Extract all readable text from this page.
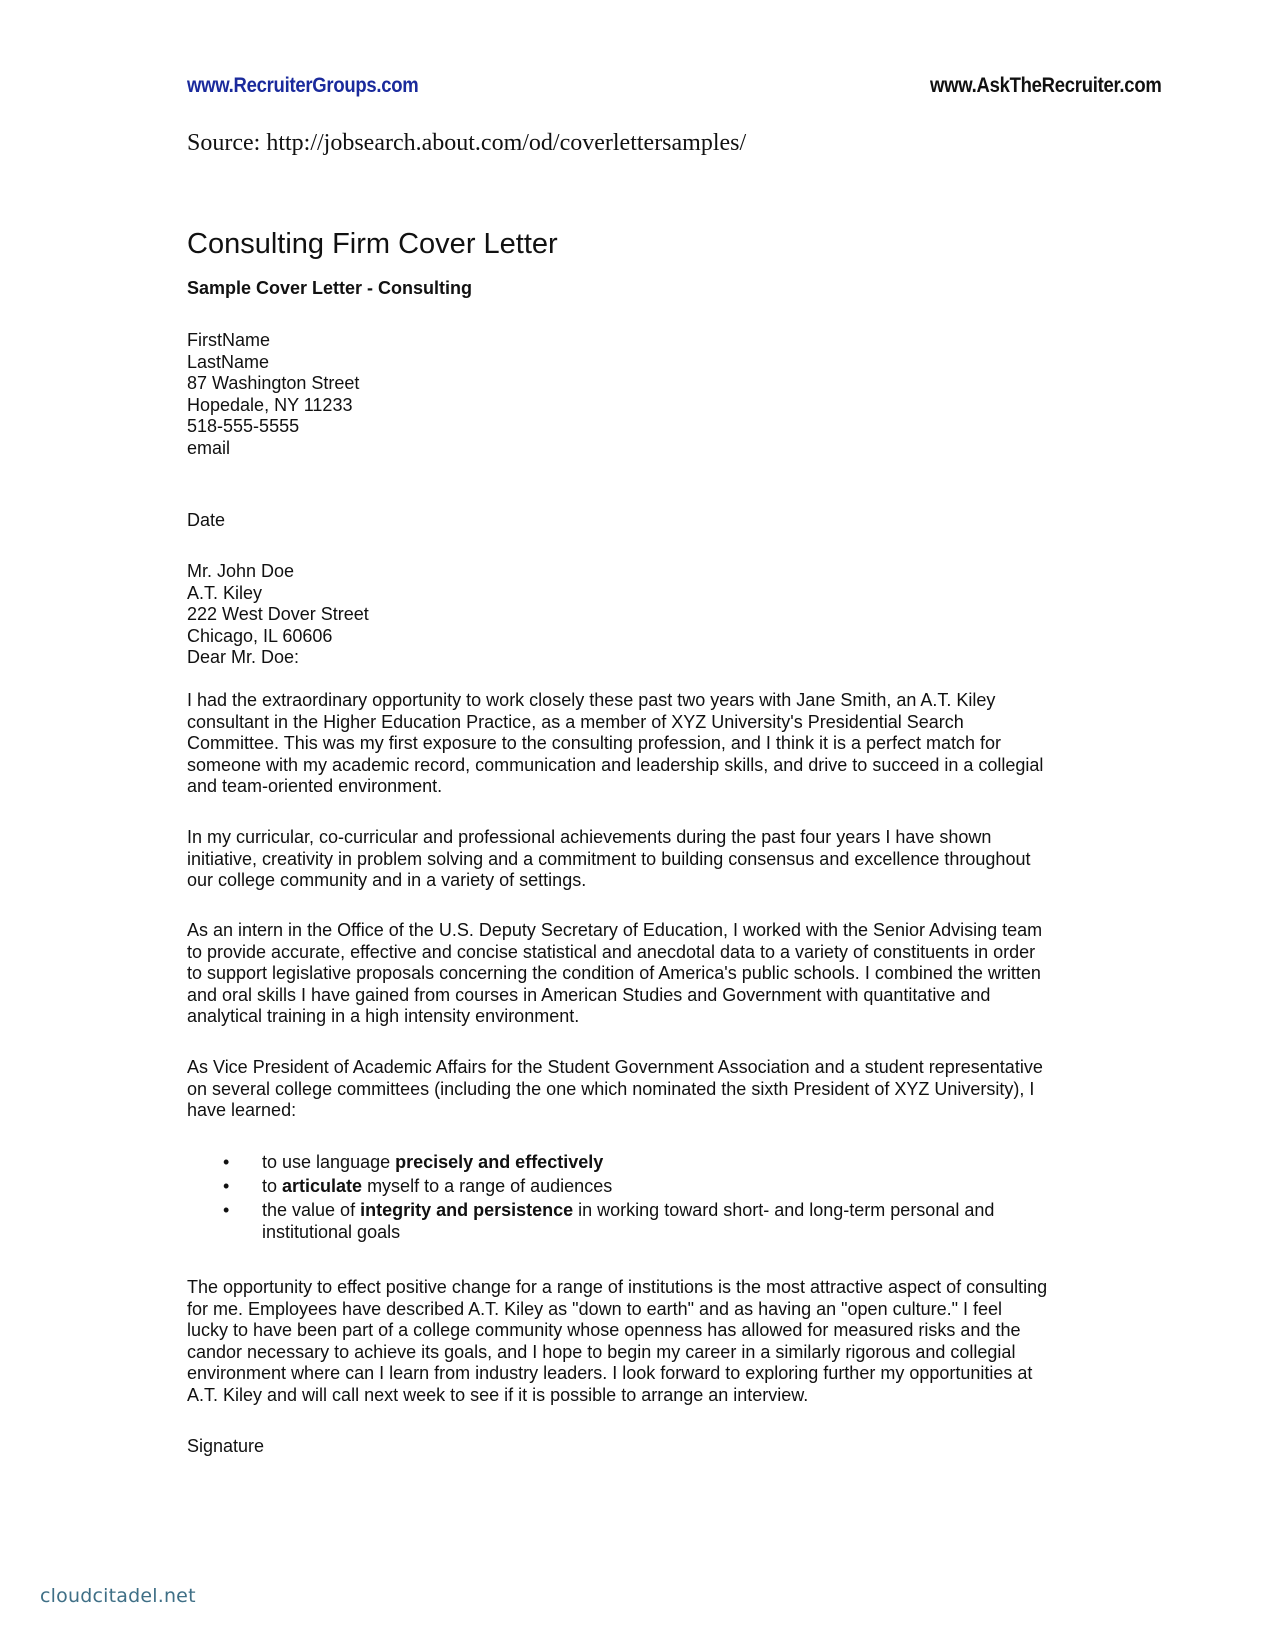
www.RecruiterGroups.com	www.AskTheRecruiter.com
Source: http://jobsearch.about.com/od/coverlettersamples/
Consulting Firm Cover Letter
Sample Cover Letter - Consulting
FirstName
LastName
87 Washington Street
Hopedale, NY 11233
518-555-5555
email
Date
Mr. John Doe
A.T. Kiley
222 West Dover Street
Chicago, IL 60606
Dear Mr. Doe:
I had the extraordinary opportunity to work closely these past two years with Jane Smith, an A.T. Kiley
consultant in the Higher Education Practice, as a member of XYZ University's Presidential Search
Committee. This was my first exposure to the consulting profession, and I think it is a perfect match for
someone with my academic record, communication and leadership skills, and drive to succeed in a collegial
and team-oriented environment.
In my curricular, co-curricular and professional achievements during the past four years I have shown
initiative, creativity in problem solving and a commitment to building consensus and excellence throughout
our college community and in a variety of settings.
As an intern in the Office of the U.S. Deputy Secretary of Education, I worked with the Senior Advising team
to provide accurate, effective and concise statistical and anecdotal data to a variety of constituents in order
to support legislative proposals concerning the condition of America's public schools. I combined the written
and oral skills I have gained from courses in American Studies and Government with quantitative and
analytical training in a high intensity environment.
As Vice President of Academic Affairs for the Student Government Association and a student representative
on several college committees (including the one which nominated the sixth President of XYZ University), I
have learned:
• to use language precisely and effectively
• to articulate myself to a range of audiences
• the value of integrity and persistence in working toward short- and long-term personal and
institutional goals
The opportunity to effect positive change for a range of institutions is the most attractive aspect of consulting
for me. Employees have described A.T. Kiley as "down to earth" and as having an "open culture." I feel
lucky to have been part of a college community whose openness has allowed for measured risks and the
candor necessary to achieve its goals, and I hope to begin my career in a similarly rigorous and collegial
environment where can I learn from industry leaders. I look forward to exploring further my opportunities at
A.T. Kiley and will call next week to see if it is possible to arrange an interview.
Signature
cloudcitadel.net
